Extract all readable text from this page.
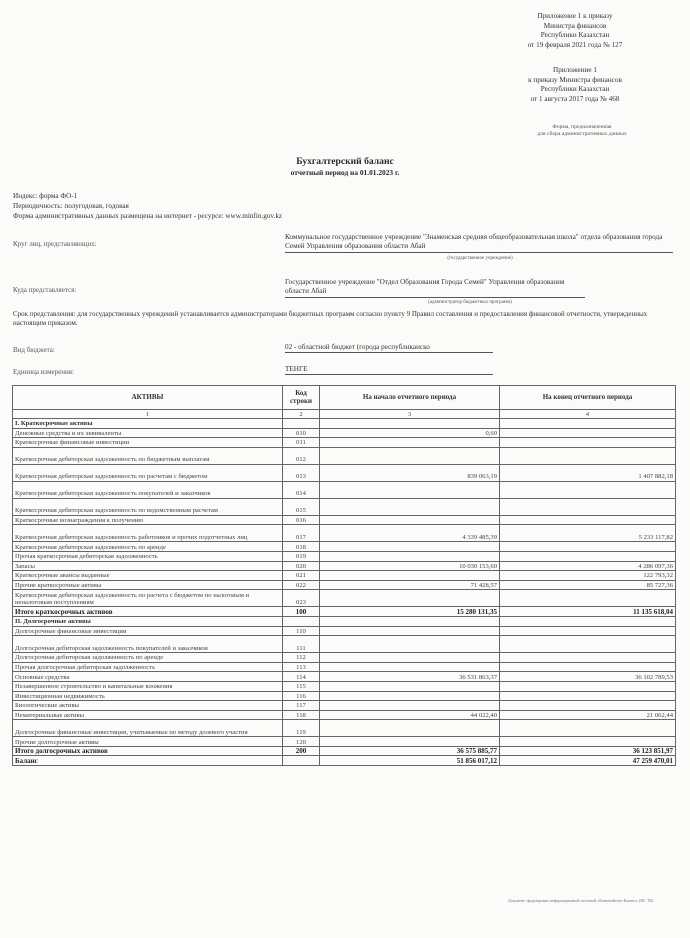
Приложение 1 к приказу
Министра финансов
Республики Казахстан
от 19 февраля 2021 года № 127
Приложение 1
к приказу Министра финансов
Республики Казахстан
от 1 августа 2017 года № 468
Форма, предназначенная
для сбора административных данных
Бухгалтерский баланс
отчетный период на 01.01.2023 г.
Индекс: форма ФО-1
Периодичность: полугодовая, годовая
Форма административных данных размещена на интернет - ресурсе: www.minfin.gov.kz
Круг лиц, представляющих:
Коммунальное государственное учреждение "Знаменская средняя общеобразовательная школа" отдела образования города Семей Управления образования области Абай
(государственное учреждение)
Куда представляется:
Государственное учреждение "Отдел Образования Города Семей" Управления образования области Абай
(администратор бюджетных программ)
Срок представления: для государственных учреждений устанавливается администраторами бюджетных программ согласно пункту 9 Правил составления и предоставления финансовой отчетности, утвержденных настоящим приказом.
Вид бюджета:	02 - областной бюджет (города республиканско
Единица измерения:	ТЕНГЕ
АКТИВЫ	Код строки	На начало отчетного периода	На конец отчетного периода
1	2	3	4
I. Краткосрочные активы			
Денежные средства и их эквиваленты	010	0,60	
Краткосрочные финансовые инвестиции	011		
Краткосрочная дебиторская задолженность по бюджетным выплатам	012		
Краткосрочная дебиторская задолженность по расчетам с бюджетом	013	839 063,19	1 407 882,18
Краткосрочная дебиторская задолженность покупателей и заказчиков	014		
Краткосрочная дебиторская задолженность по ведомственным расчетам	015		
Краткосрочные вознаграждения к получению	016		
Краткосрочная дебиторская задолженность работников и прочих подотчетных лиц	017	4 339 485,39	5 233 117,82
Краткосрочная дебиторская задолженность по аренде	018		
Прочая краткосрочная дебиторская задолженность	019		
Запасы	020	10 030 153,60	4 286 097,36
Краткосрочные авансы выданные	021		122 793,32
Прочие краткосрочные активы	022	71 428,57	85 727,36
Краткосрочная дебиторская задолженность по расчета с бюджетом по налоговым и неналоговым поступлениям	023		
Итого краткосрочных активов	100	15 280 131,35	11 135 618,04
II. Долгосрочные активы			
Долгосрочные финансовые инвестиции	110		
Долгосрочная дебиторская задолженность покупателей и заказчиков	111		
Долгосрочная дебиторская задолженность по аренде	112		
Прочая долгосрочная дебиторская задолженность	113		
Основные средства	114	36 531 863,37	36 102 789,53
Незавершенное строительство и капитальные вложения	115		
Инвестиционная недвижимость	116		
Биологические активы	117		
Нематериальные активы	118	44 022,40	21 062,44
Долгосрочные финансовые инвестиции, учитываемые по методу долевого участия	119		
Прочие долгосрочные активы	120		
Итого долгосрочных активов	200	36 575 885,77	36 123 851,97
Баланс		51 856 017,12	47 259 470,01
Документ сформирован информационной системой «Казначейство-Клиент» (ИС ТК)
